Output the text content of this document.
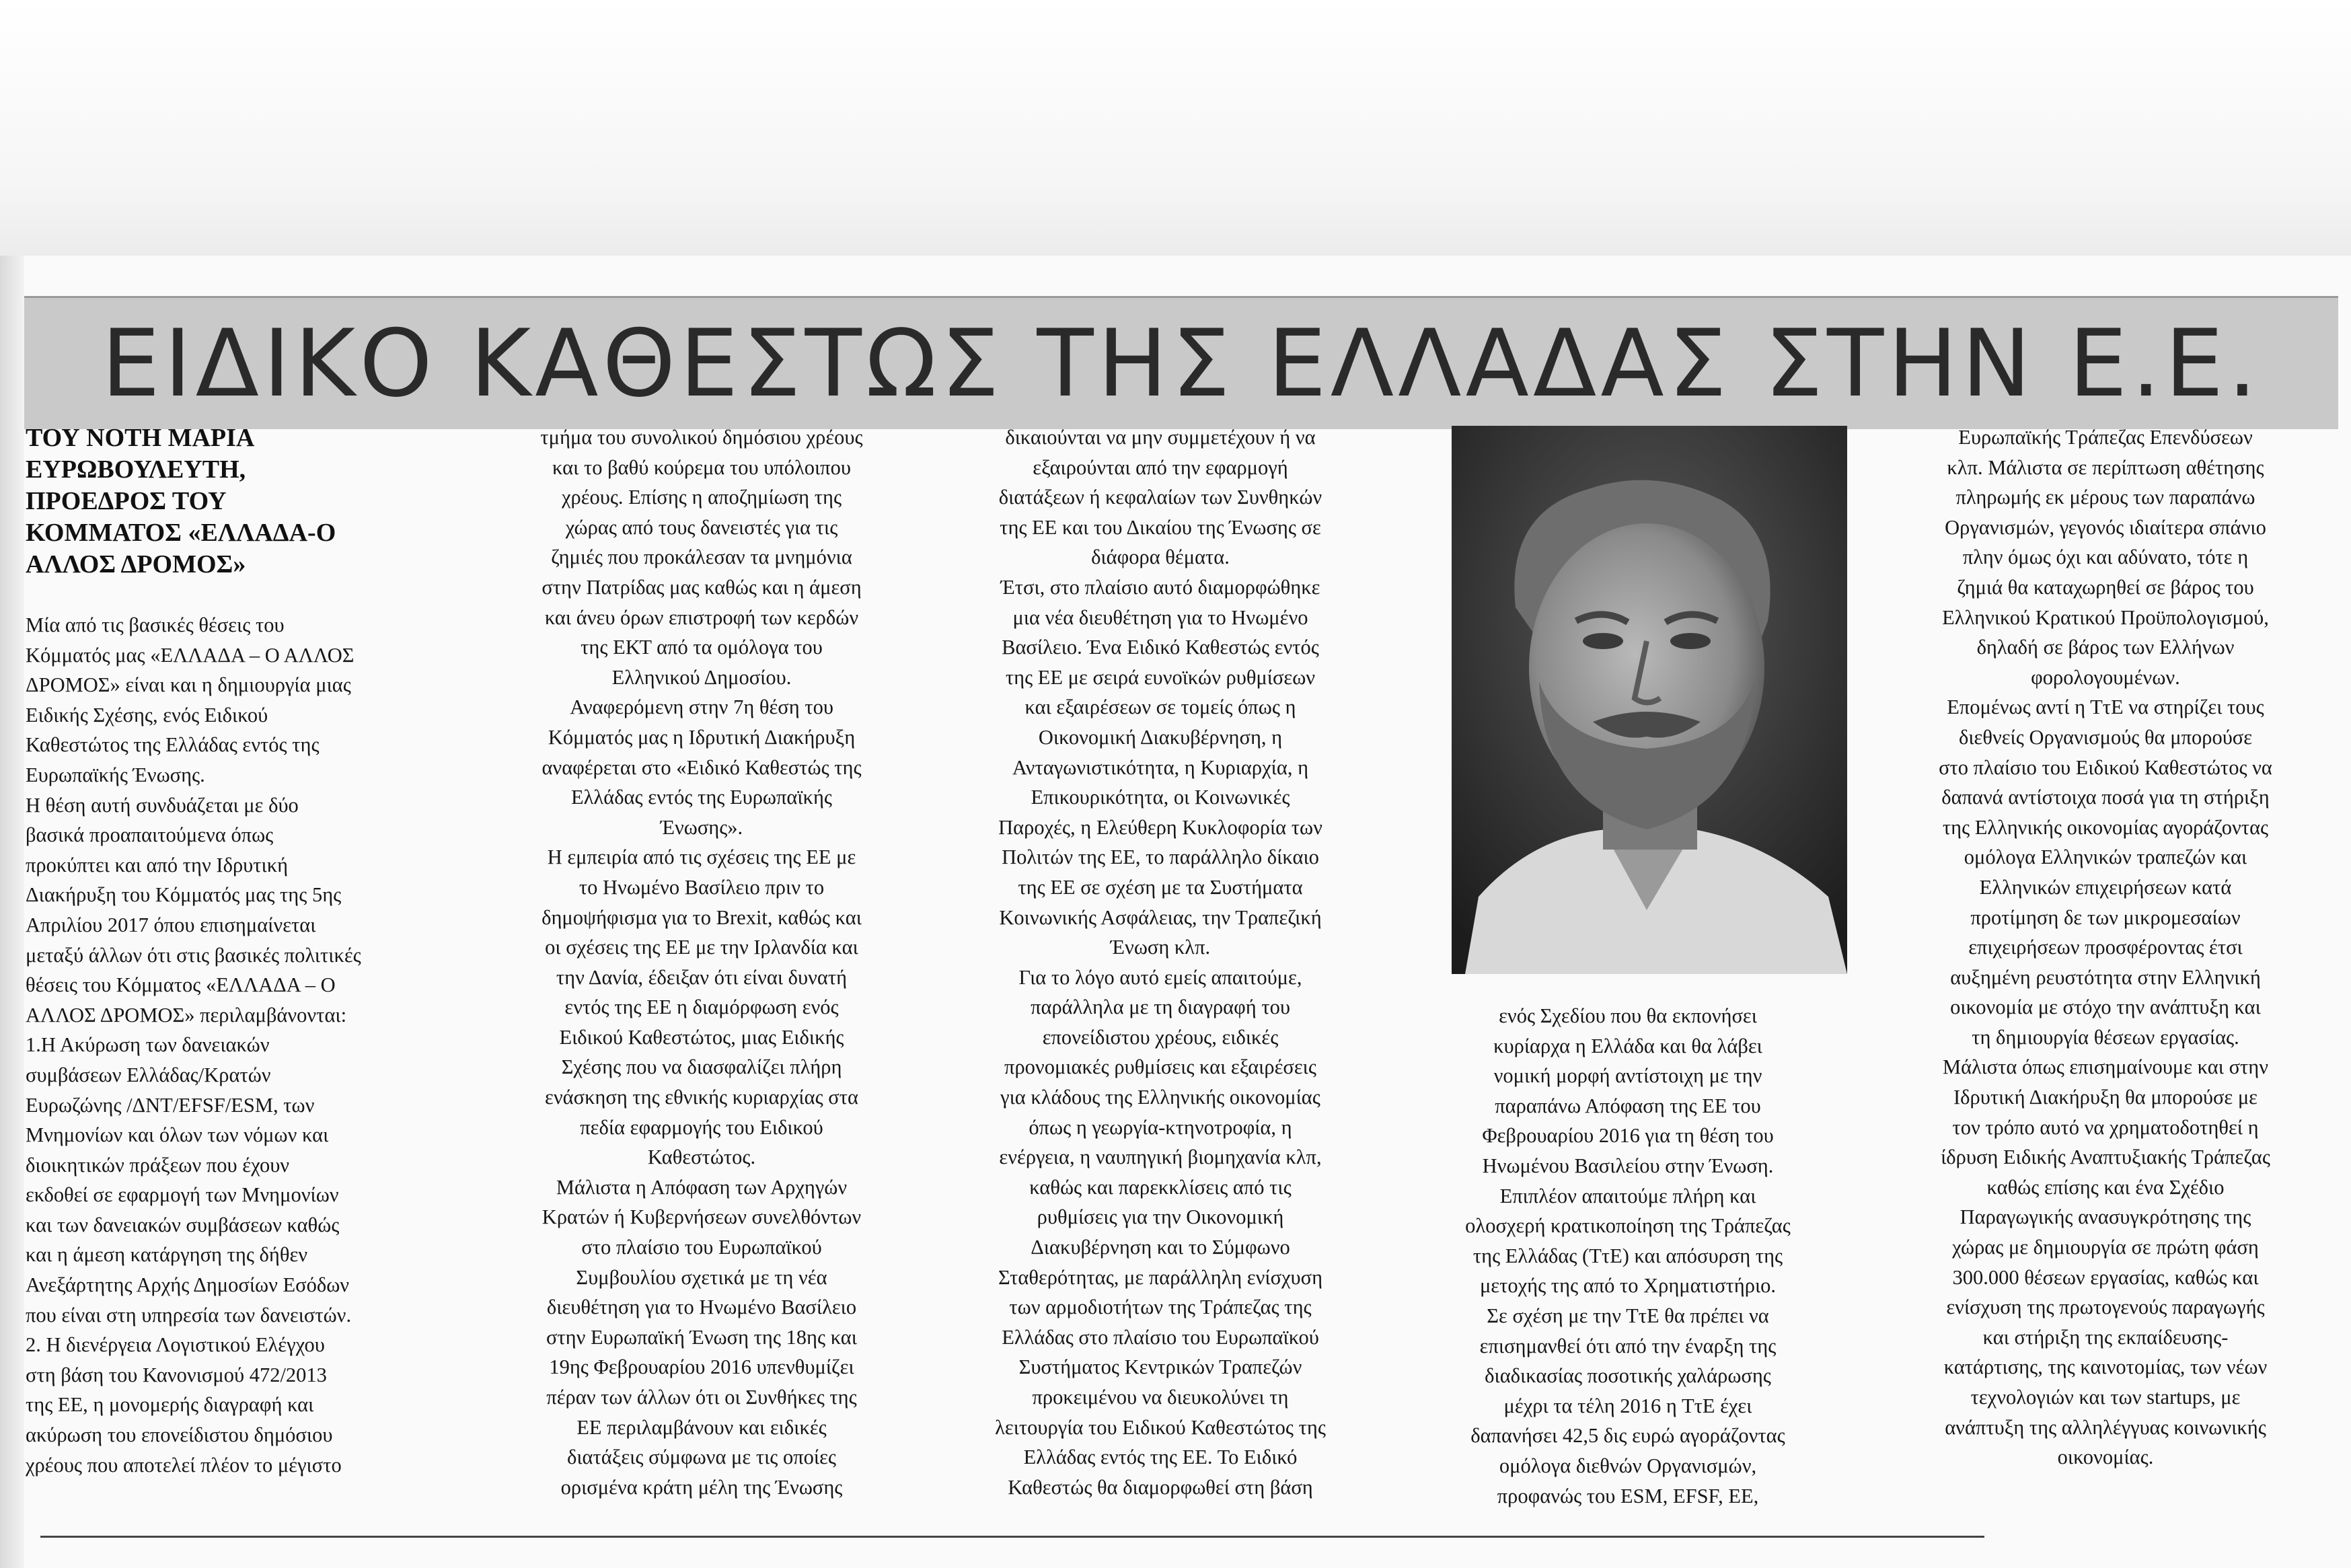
ΕΙΔΙΚΟ ΚΑΘΕΣΤΩΣ ΤΗΣ ΕΛΛΑΔΑΣ ΣΤΗΝ Ε.Ε.
ΤΟΥ ΝΟΤΗ ΜΑΡΙΑ
ΕΥΡΩΒΟΥΛΕΥΤΗ,
ΠΡΟΕΔΡΟΣ ΤΟΥ
ΚΟΜΜΑΤΟΣ «ΕΛΛΑΔΑ-Ο
ΑΛΛΟΣ ΔΡΟΜΟΣ»

Μία από τις βασικές θέσεις του

Κόμματός μας «ΕΛΛΑΔΑ – Ο ΑΛΛΟΣ

ΔΡΟΜΟΣ» είναι και η δημιουργία μιας

Ειδικής Σχέσης, ενός Ειδικού

Καθεστώτος της Ελλάδας εντός της

Ευρωπαϊκής Ένωσης.

Η θέση αυτή συνδυάζεται με δύο

βασικά προαπαιτούμενα όπως

προκύπτει και από την Ιδρυτική

Διακήρυξη του Κόμματός μας της 5ης

Απριλίου 2017 όπου επισημαίνεται

μεταξύ άλλων ότι στις βασικές πολιτικές

θέσεις του Κόμματος «ΕΛΛΑΔΑ – Ο

ΑΛΛΟΣ ΔΡΟΜΟΣ» περιλαμβάνονται:

1.Η Ακύρωση των δανειακών

συμβάσεων Ελλάδας/Κρατών

Ευρωζώνης /ΔΝΤ/EFSF/ESM, των

Μνημονίων και όλων των νόμων και

διοικητικών πράξεων που έχουν

εκδοθεί σε εφαρμογή των Μνημονίων

και των δανειακών συμβάσεων καθώς

και η άμεση κατάργηση της δήθεν

Ανεξάρτητης Αρχής Δημοσίων Εσόδων

που είναι στη υπηρεσία των δανειστών.

2. Η διενέργεια Λογιστικού Ελέγχου

στη βάση του Κανονισμού 472/2013

της ΕΕ, η μονομερής διαγραφή και

ακύρωση του επονείδιστου δημόσιου

χρέους που αποτελεί πλέον το μέγιστο

τμήμα του συνολικού δημόσιου χρέους

και το βαθύ κούρεμα του υπόλοιπου

χρέους. Επίσης η αποζημίωση της

χώρας από τους δανειστές για τις

ζημιές που προκάλεσαν τα μνημόνια

στην Πατρίδας μας καθώς και η άμεση

και άνευ όρων επιστροφή των κερδών

της ΕΚΤ από τα ομόλογα του

Ελληνικού Δημοσίου.

Αναφερόμενη στην 7η θέση του

Κόμματός μας η Ιδρυτική Διακήρυξη

αναφέρεται στο «Ειδικό Καθεστώς της

Ελλάδας εντός της Ευρωπαϊκής

Ένωσης».

Η εμπειρία από τις σχέσεις της ΕΕ με

το Ηνωμένο Βασίλειο πριν το

δημοψήφισμα για το Brexit, καθώς και

οι σχέσεις της ΕΕ με την Ιρλανδία και

την Δανία, έδειξαν ότι είναι δυνατή

εντός της ΕΕ η διαμόρφωση ενός

Ειδικού Καθεστώτος, μιας Ειδικής

Σχέσης που να διασφαλίζει πλήρη

ενάσκηση της εθνικής κυριαρχίας στα

πεδία εφαρμογής του Ειδικού

Καθεστώτος.

Μάλιστα η Απόφαση των Αρχηγών

Κρατών ή Κυβερνήσεων συνελθόντων

στο πλαίσιο του Ευρωπαϊκού

Συμβουλίου σχετικά με τη νέα

διευθέτηση για το Ηνωμένο Βασίλειο

στην Ευρωπαϊκή Ένωση της 18ης και

19ης Φεβρουαρίου 2016 υπενθυμίζει

πέραν των άλλων ότι οι Συνθήκες της

ΕΕ περιλαμβάνουν και ειδικές

διατάξεις σύμφωνα με τις οποίες

ορισμένα κράτη μέλη της Ένωσης

δικαιούνται να μην συμμετέχουν ή να

εξαιρούνται από την εφαρμογή

διατάξεων ή κεφαλαίων των Συνθηκών

της ΕΕ και του Δικαίου της Ένωσης σε

διάφορα θέματα.

Έτσι, στο πλαίσιο αυτό διαμορφώθηκε

μια νέα διευθέτηση για το Ηνωμένο

Βασίλειο. Ένα Ειδικό Καθεστώς εντός

της ΕΕ με σειρά ευνοϊκών ρυθμίσεων

και εξαιρέσεων σε τομείς όπως η

Οικονομική Διακυβέρνηση, η

Ανταγωνιστικότητα, η Κυριαρχία, η

Επικουρικότητα, οι Κοινωνικές

Παροχές, η Ελεύθερη Κυκλοφορία των

Πολιτών της ΕΕ, το παράλληλο δίκαιο

της ΕΕ σε σχέση με τα Συστήματα

Κοινωνικής Ασφάλειας, την Τραπεζική

Ένωση κλπ.

Για το λόγο αυτό εμείς απαιτούμε,

παράλληλα με τη διαγραφή του

επονείδιστου χρέους, ειδικές

προνομιακές ρυθμίσεις και εξαιρέσεις

για κλάδους της Ελληνικής οικονομίας

όπως η γεωργία-κτηνοτροφία, η

ενέργεια, η ναυπηγική βιομηχανία κλπ,

καθώς και παρεκκλίσεις από τις

ρυθμίσεις για την Οικονομική

Διακυβέρνηση και το Σύμφωνο

Σταθερότητας, με παράλληλη ενίσχυση

των αρμοδιοτήτων της Τράπεζας της

Ελλάδας στο πλαίσιο του Ευρωπαϊκού

Συστήματος Κεντρικών Τραπεζών

προκειμένου να διευκολύνει τη

λειτουργία του Ειδικού Καθεστώτος της

Ελλάδας εντός της ΕΕ. Το Ειδικό

Καθεστώς θα διαμορφωθεί στη βάση

ενός Σχεδίου που θα εκπονήσει

κυρίαρχα η Ελλάδα και θα λάβει

νομική μορφή αντίστοιχη με την

παραπάνω Απόφαση της ΕΕ του

Φεβρουαρίου 2016 για τη θέση του

Ηνωμένου Βασιλείου στην Ένωση.

Επιπλέον απαιτούμε πλήρη και

ολοσχερή κρατικοποίηση της Τράπεζας

της Ελλάδας (ΤτΕ) και απόσυρση της

μετοχής της από το Χρηματιστήριο.

Σε σχέση με την ΤτΕ θα πρέπει να

επισημανθεί ότι από την έναρξη της

διαδικασίας ποσοτικής χαλάρωσης

μέχρι τα τέλη 2016 η ΤτΕ έχει

δαπανήσει 42,5 δις ευρώ αγοράζοντας

ομόλογα διεθνών Οργανισμών,

προφανώς του ESM, EFSF, ΕΕ,

Ευρωπαϊκής Τράπεζας Επενδύσεων

κλπ. Μάλιστα σε περίπτωση αθέτησης

πληρωμής εκ μέρους των παραπάνω

Οργανισμών, γεγονός ιδιαίτερα σπάνιο

πλην όμως όχι και αδύνατο, τότε η

ζημιά θα καταχωρηθεί σε βάρος του

Ελληνικού Κρατικού Προϋπολογισμού,

δηλαδή σε βάρος των Ελλήνων

φορολογουμένων.

Επομένως αντί η ΤτΕ να στηρίζει τους

διεθνείς Οργανισμούς θα μπορούσε

στο πλαίσιο του Ειδικού Καθεστώτος να

δαπανά αντίστοιχα ποσά για τη στήριξη

της Ελληνικής οικονομίας αγοράζοντας

ομόλογα Ελληνικών τραπεζών και

Ελληνικών επιχειρήσεων κατά

προτίμηση δε των μικρομεσαίων

επιχειρήσεων προσφέροντας έτσι

αυξημένη ρευστότητα στην Ελληνική

οικονομία με στόχο την ανάπτυξη και

τη δημιουργία θέσεων εργασίας.

Μάλιστα όπως επισημαίνουμε και στην

Ιδρυτική Διακήρυξη θα μπορούσε με

τον τρόπο αυτό να χρηματοδοτηθεί η

ίδρυση Ειδικής Αναπτυξιακής Τράπεζας

καθώς επίσης και ένα Σχέδιο

Παραγωγικής ανασυγκρότησης της

χώρας με δημιουργία σε πρώτη φάση

300.000 θέσεων εργασίας, καθώς και

ενίσχυση της πρωτογενούς παραγωγής

και στήριξη της εκπαίδευσης-

κατάρτισης, της καινοτομίας, των νέων

τεχνολογιών και των startups, με

ανάπτυξη της αλληλέγγυας κοινωνικής

οικονομίας.
